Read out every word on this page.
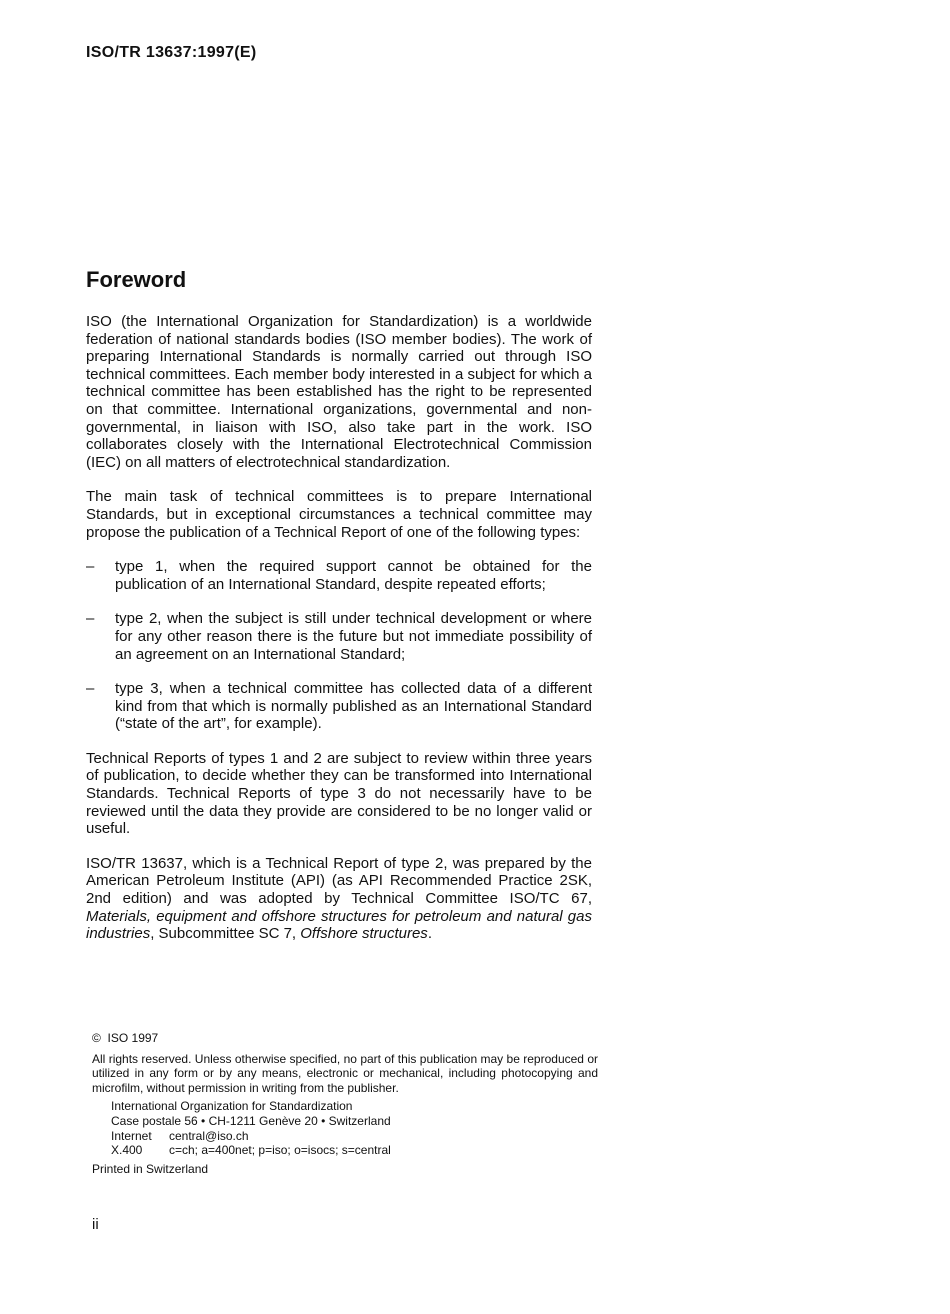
ISO/TR 13637:1997(E)
Foreword

ISO (the International Organization for Standardization) is a worldwide federation of national standards bodies (ISO member bodies). The work of preparing International Standards is normally carried out through ISO technical committees. Each member body interested in a subject for which a technical committee has been established has the right to be represented on that committee. International organizations, governmental and non-governmental, in liaison with ISO, also take part in the work. ISO collaborates closely with the International Electrotechnical Commission (IEC) on all matters of electrotechnical standardization.

The main task of technical committees is to prepare International Standards, but in exceptional circumstances a technical committee may propose the publication of a Technical Report of one of the following types:

– type 1, when the required support cannot be obtained for the publication of an International Standard, despite repeated efforts;
– type 2, when the subject is still under technical development or where for any other reason there is the future but not immediate possibility of an agreement on an International Standard;
– type 3, when a technical committee has collected data of a different kind from that which is normally published as an International Standard (“state of the art”, for example).

Technical Reports of types 1 and 2 are subject to review within three years of publication, to decide whether they can be transformed into International Standards. Technical Reports of type 3 do not necessarily have to be reviewed until the data they provide are considered to be no longer valid or useful.

ISO/TR 13637, which is a Technical Report of type 2, was prepared by the American Petroleum Institute (API) (as API Recommended Practice 2SK, 2nd edition) and was adopted by Technical Committee ISO/TC 67, Materials, equipment and offshore structures for petroleum and natural gas industries, Subcommittee SC 7, Offshore structures.

© ISO 1997
All rights reserved. Unless otherwise specified, no part of this publication may be reproduced or utilized in any form or by any means, electronic or mechanical, including photocopying and microfilm, without permission in writing from the publisher.
International Organization for Standardization
Case postale 56 • CH-1211 Genève 20 • Switzerland
Internet	central@iso.ch
X.400	c=ch; a=400net; p=iso; o=isocs; s=central
Printed in Switzerland
ii
